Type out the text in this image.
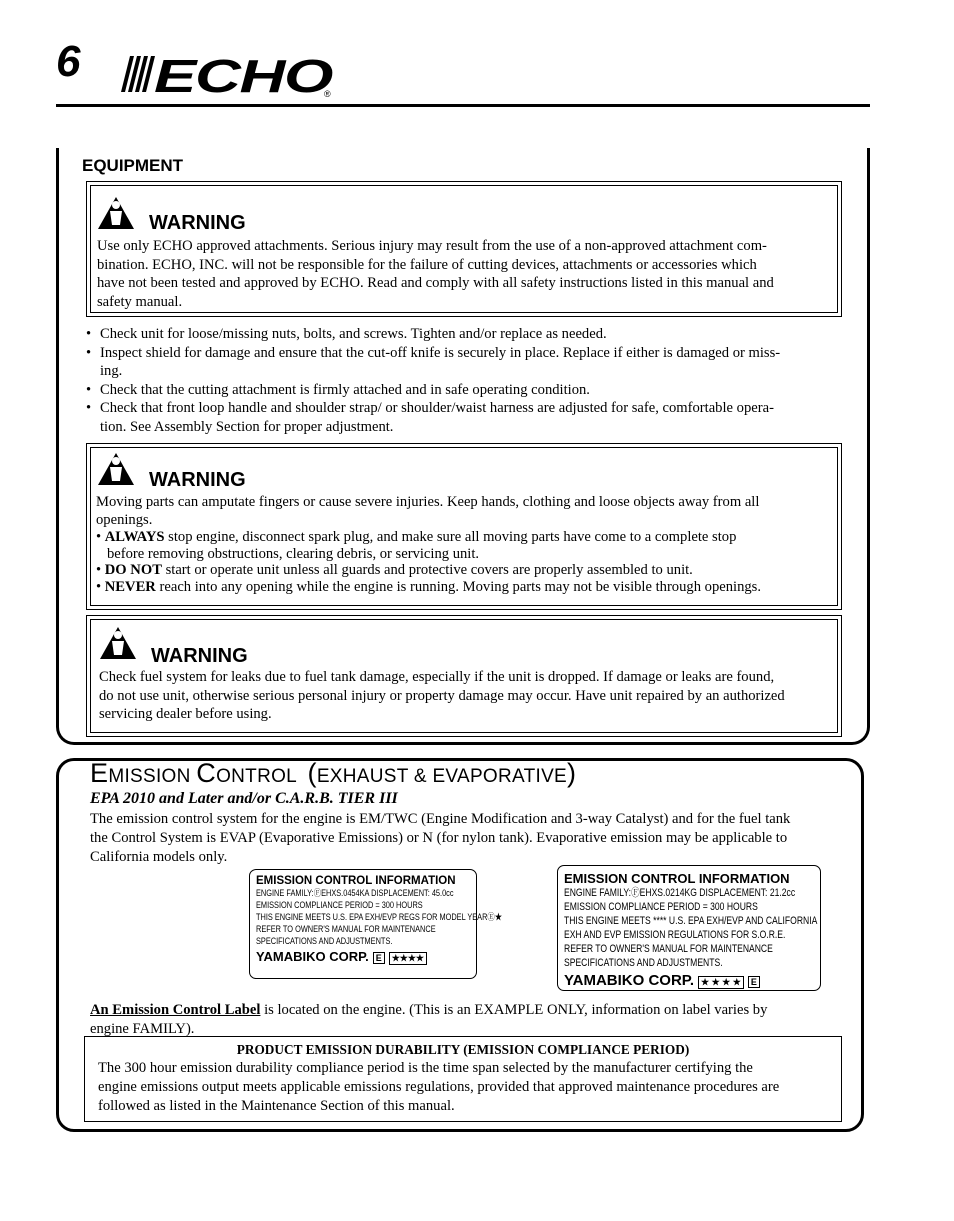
6 ECHO
®
EQUIPMENT
WARNING
Use only ECHO approved attachments. Serious injury may result from the use of a non-approved attachment com-
bination. ECHO, INC. will not be responsible for the failure of cutting devices, attachments or accessories which
have not been tested and approved by ECHO. Read and comply with all safety instructions listed in this manual and
safety manual.
• Check unit for loose/missing nuts, bolts, and screws. Tighten and/or replace as needed.
• Inspect shield for damage and ensure that the cut-off knife is securely in place. Replace if either is damaged or miss-
ing.
• Check that the cutting attachment is firmly attached and in safe operating condition.
• Check that front loop handle and shoulder strap/ or shoulder/waist harness are adjusted for safe, comfortable opera-
tion. See Assembly Section for proper adjustment.
WARNING
Moving parts can amputate fingers or cause severe injuries. Keep hands, clothing and loose objects away from all
openings.
• ALWAYS stop engine, disconnect spark plug, and make sure all moving parts have come to a complete stop
before removing obstructions, clearing debris, or servicing unit.
• DO NOT start or operate unit unless all guards and protective covers are properly assembled to unit.
• NEVER reach into any opening while the engine is running. Moving parts may not be visible through openings.
WARNING
Check fuel system for leaks due to fuel tank damage, especially if the unit is dropped. If damage or leaks are found,
do not use unit, otherwise serious personal injury or property damage may occur. Have unit repaired by an authorized
servicing dealer before using.
EMISSION CONTROL (EXHAUST & EVAPORATIVE)
EPA 2010 and Later and/or C.A.R.B. TIER III
The emission control system for the engine is EM/TWC (Engine Modification and 3-way Catalyst) and for the fuel tank
the Control System is EVAP (Evaporative Emissions) or N (for nylon tank). Evaporative emission may be applicable to
California models only.
EMISSION CONTROL INFORMATION
ENGINE FAMILY:ⒻEHXS.0454KA DISPLACEMENT: 45.0cc
EMISSION COMPLIANCE PERIOD = 300 HOURS
THIS ENGINE MEETS U.S. EPA EXH/EVP REGS FOR MODEL YEARⒺ★
REFER TO OWNER'S MANUAL FOR MAINTENANCE
SPECIFICATIONS AND ADJUSTMENTS.
YAMABIKO CORP. E ★★★★
EMISSION CONTROL INFORMATION
ENGINE FAMILY:ⒻEHXS.0214KG DISPLACEMENT: 21.2cc
EMISSION COMPLIANCE PERIOD = 300 HOURS
THIS ENGINE MEETS **** U.S. EPA EXH/EVP AND CALIFORNIA
EXH AND EVP EMISSION REGULATIONS FOR S.O.R.E.
REFER TO OWNER'S MANUAL FOR MAINTENANCE
SPECIFICATIONS AND ADJUSTMENTS.
YAMABIKO CORP. ★ ★ ★ ★ E
An Emission Control Label is located on the engine. (This is an EXAMPLE ONLY, information on label varies by
engine FAMILY).
PRODUCT EMISSION DURABILITY (EMISSION COMPLIANCE PERIOD)
The 300 hour emission durability compliance period is the time span selected by the manufacturer certifying the
engine emissions output meets applicable emissions regulations, provided that approved maintenance procedures are
followed as listed in the Maintenance Section of this manual.
